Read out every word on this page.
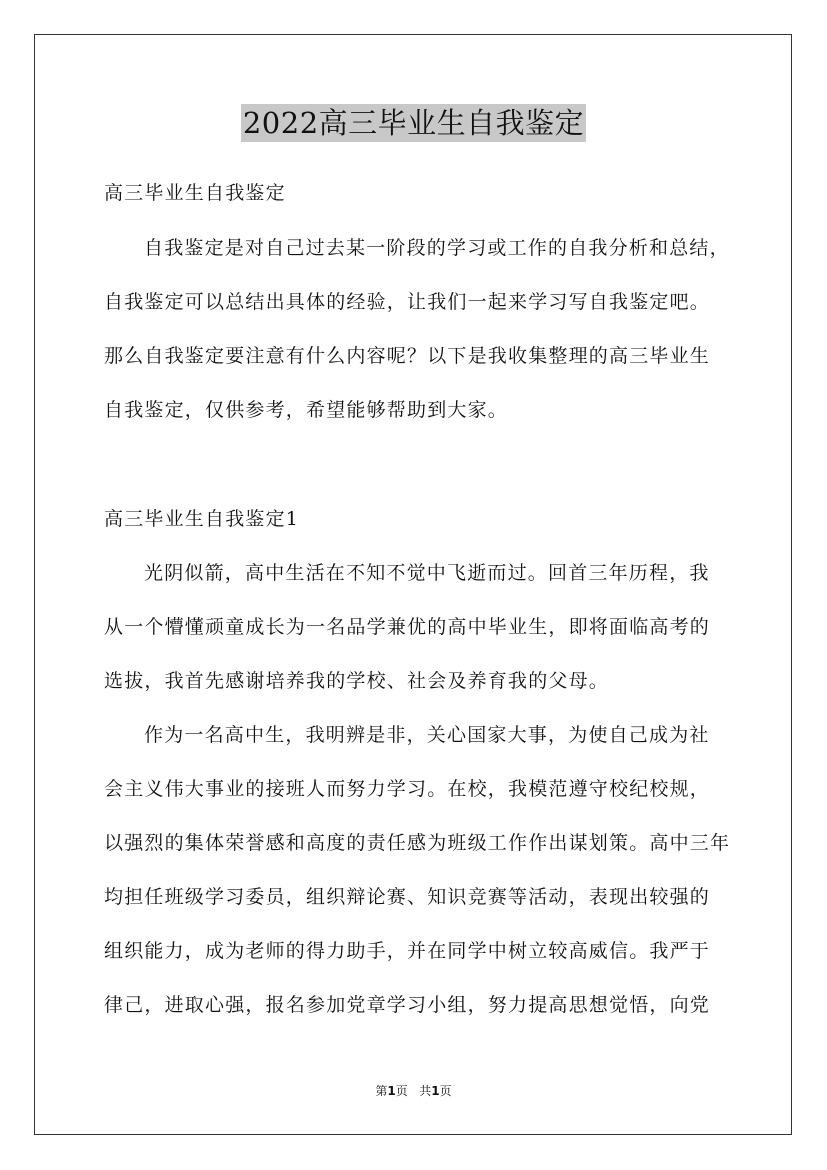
2022高三毕业生自我鉴定
高三毕业生自我鉴定
自我鉴定是对自己过去某一阶段的学习或工作的自我分析和总结，
自我鉴定可以总结出具体的经验，让我们一起来学习写自我鉴定吧。
那么自我鉴定要注意有什么内容呢？以下是我收集整理的高三毕业生
自我鉴定，仅供参考，希望能够帮助到大家。
高三毕业生自我鉴定1
光阴似箭，高中生活在不知不觉中飞逝而过。回首三年历程，我
从一个懵懂顽童成长为一名品学兼优的高中毕业生，即将面临高考的
选拔，我首先感谢培养我的学校、社会及养育我的父母。
作为一名高中生，我明辨是非，关心国家大事，为使自己成为社
会主义伟大事业的接班人而努力学习。在校，我模范遵守校纪校规，
以强烈的集体荣誉感和高度的责任感为班级工作作出谋划策。高中三年
均担任班级学习委员，组织辩论赛、知识竞赛等活动，表现出较强的
组织能力，成为老师的得力助手，并在同学中树立较高威信。我严于
律己，进取心强，报名参加党章学习小组，努力提高思想觉悟，向党
第1页 共1页
